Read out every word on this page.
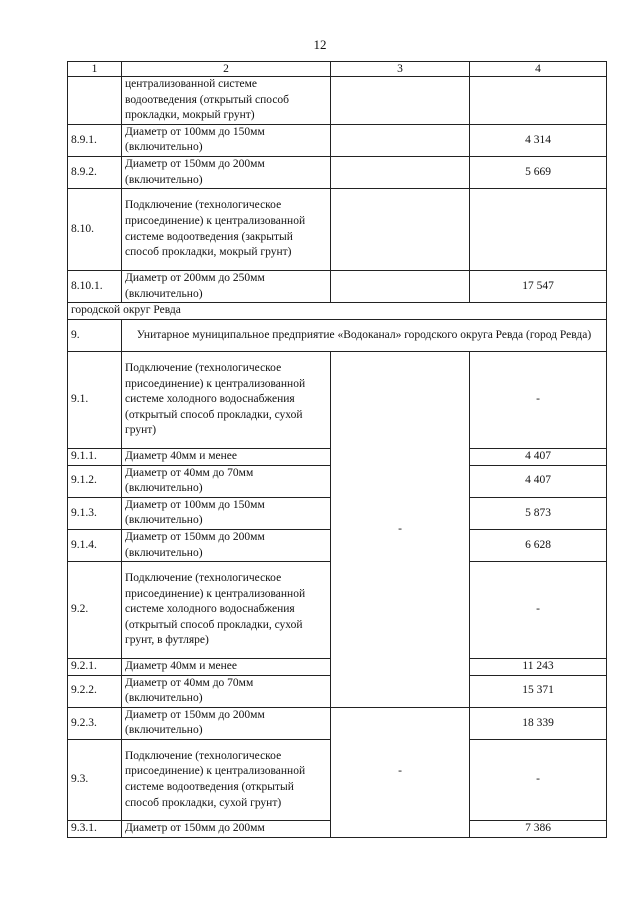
12
1	2	3	4
	централизованной системе водоотведения (открытый способ прокладки, мокрый грунт)		
8.9.1.	Диаметр от 100мм до 150мм (включительно)		4 314
8.9.2.	Диаметр от 150мм до 200мм (включительно)		5 669
8.10.	Подключение (технологическое присоединение) к централизованной системе водоотведения (закрытый способ прокладки, мокрый грунт)		
8.10.1.	Диаметр от 200мм до 250мм (включительно)		17 547
городской округ Ревда			
9.	Унитарное муниципальное предприятие «Водоканал» городского округа Ревда (город Ревда)		
9.1.	Подключение (технологическое присоединение) к централизованной системе холодного водоснабжения (открытый способ прокладки, сухой грунт)	-	-
9.1.1.	Диаметр 40мм и менее		4 407
9.1.2.	Диаметр от 40мм до 70мм (включительно)		4 407
9.1.3.	Диаметр от 100мм до 150мм (включительно)		5 873
9.1.4.	Диаметр от 150мм до 200мм (включительно)		6 628
9.2.	Подключение (технологическое присоединение) к централизованной системе холодного водоснабжения (открытый способ прокладки, сухой грунт, в футляре)		-
9.2.1.	Диаметр 40мм и менее		11 243
9.2.2.	Диаметр от 40мм до 70мм (включительно)		15 371
9.2.3.	Диаметр от 150мм до 200мм (включительно)	-	18 339
9.3.	Подключение (технологическое присоединение) к централизованной системе водоотведения (открытый способ прокладки, сухой грунт)		-
9.3.1.	Диаметр от 150мм до 200мм		7 386
